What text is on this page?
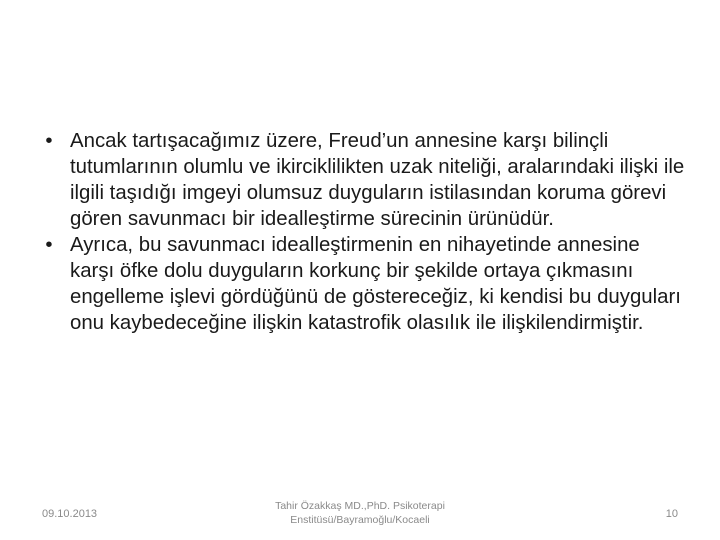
• Ancak tartışacağımız üzere, Freud’un annesine karşı bilinçli tutumlarının olumlu ve ikirciklilikten uzak niteliği, aralarındaki ilişki ile ilgili taşıdığı imgeyi olumsuz duyguların istilasından koruma görevi gören savunmacı bir idealleştirme sürecinin ürünüdür.
• Ayrıca, bu savunmacı idealleştirmenin en nihayetinde annesine karşı öfke dolu duyguların korkunç bir şekilde ortaya çıkmasını engelleme işlevi gördüğünü de göstereceğiz, ki kendisi bu duyguları onu kaybedeceğine ilişkin katastrofik olasılık ile ilişkilendirmiştir.
09.10.2013
Tahir Özakkaş MD.,PhD. Psikoterapi
Enstitüsü/Bayramoğlu/Kocaeli	10
